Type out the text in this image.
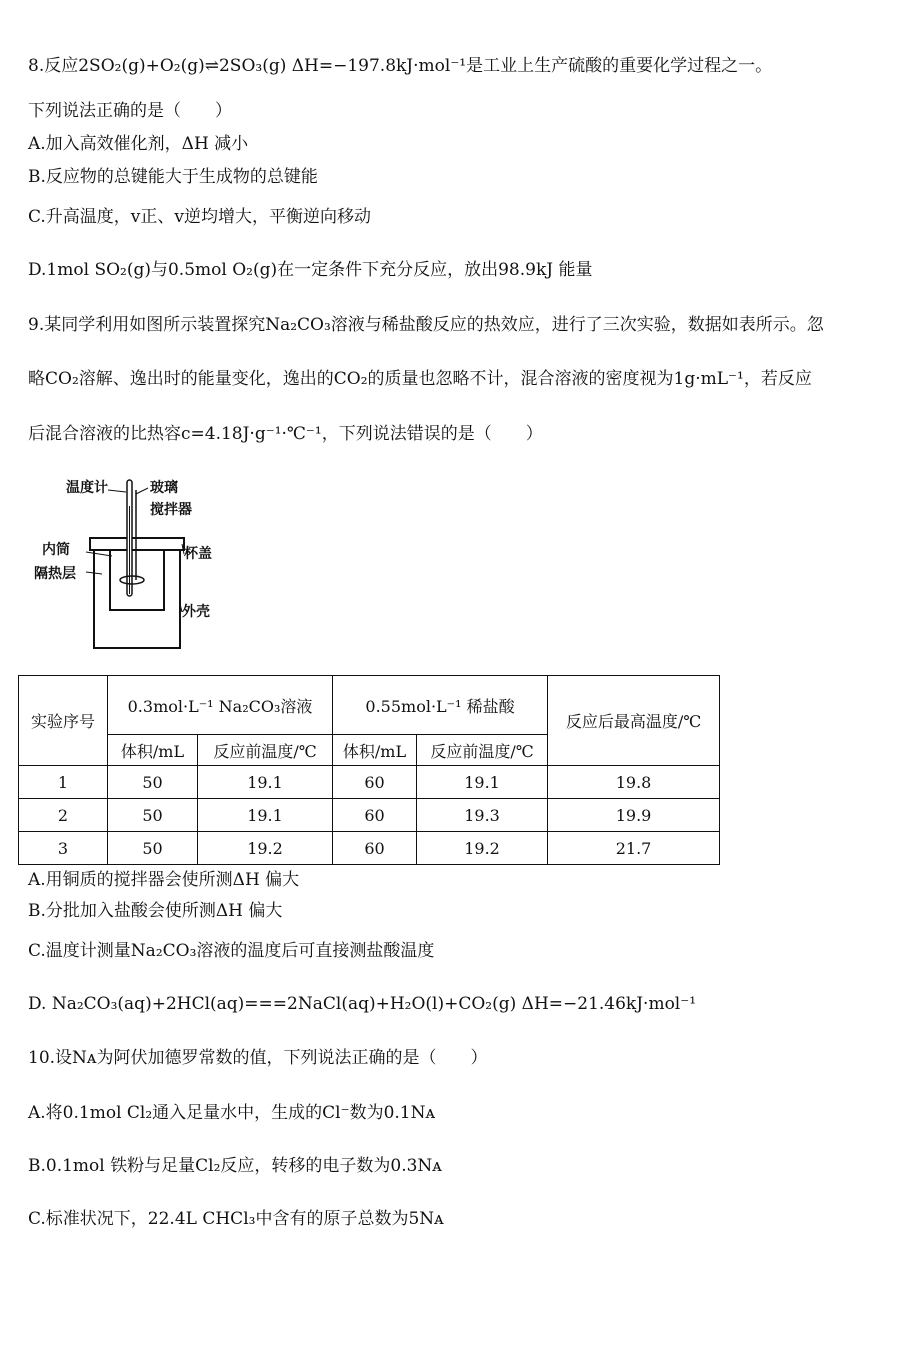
8.反应2SO₂(g)+O₂(g)⇌2SO₃(g) ΔH=−197.8kJ·mol⁻¹是工业上生产硫酸的重要化学过程之一。
下列说法正确的是（　　）
A.加入高效催化剂，ΔH 减小
B.反应物的总键能大于生成物的总键能
C.升高温度，v正、v逆均增大，平衡逆向移动
D.1mol SO₂(g)与0.5mol O₂(g)在一定条件下充分反应，放出98.9kJ 能量
9.某同学利用如图所示装置探究Na₂CO₃溶液与稀盐酸反应的热效应，进行了三次实验，数据如表所示。忽
略CO₂溶解、逸出时的能量变化，逸出的CO₂的质量也忽略不计，混合溶液的密度视为1g·mL⁻¹，若反应
后混合溶液的比热容c=4.18J·g⁻¹·℃⁻¹，下列说法错误的是（　　）
温度计	玻璃
搅拌器
内筒
隔热层
杯盖
外壳
实验序号	0.3mol·L⁻¹ Na₂CO₃溶液		0.55mol·L⁻¹ 稀盐酸		反应后最高温度/℃
	体积/mL	反应前温度/℃	体积/mL	反应前温度/℃	
1	50	19.1	60	19.1	19.8
2	50	19.1	60	19.3	19.9
3	50	19.2	60	19.2	21.7
A.用铜质的搅拌器会使所测ΔH 偏大
B.分批加入盐酸会使所测ΔH 偏大
C.温度计测量Na₂CO₃溶液的温度后可直接测盐酸温度
D. Na₂CO₃(aq)+2HCl(aq)===2NaCl(aq)+H₂O(l)+CO₂(g) ΔH=−21.46kJ·mol⁻¹
10.设Nᴀ为阿伏加德罗常数的值，下列说法正确的是（　　）
A.将0.1mol Cl₂通入足量水中，生成的Cl⁻数为0.1Nᴀ
B.0.1mol 铁粉与足量Cl₂反应，转移的电子数为0.3Nᴀ
C.标准状况下，22.4L CHCl₃中含有的原子总数为5Nᴀ
